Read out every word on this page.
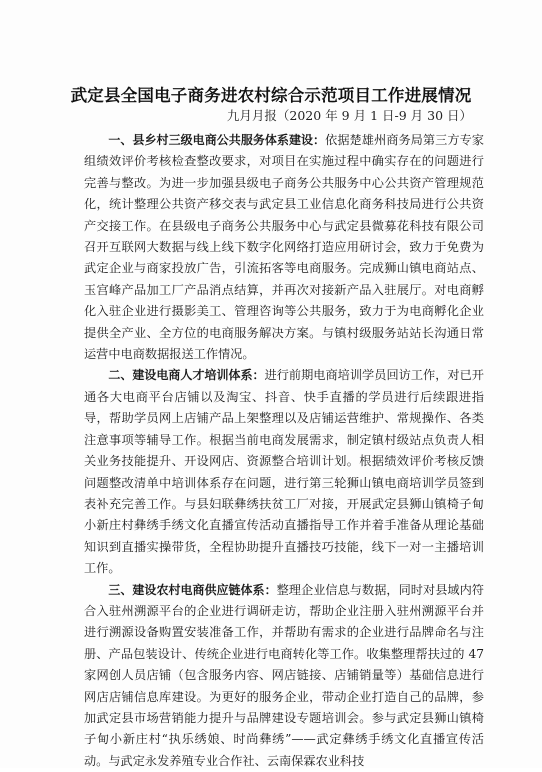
武定县全国电子商务进农村综合示范项目工作进展情况
九月月报（2020 年 9 月 1 日-9 月 30 日）

一、县乡村三级电商公共服务体系建设：依据楚雄州商务局第三方专家组绩效评价考核检查整改要求，对项目在实施过程中确实存在的问题进行完善与整改。为进一步加强县级电子商务公共服务中心公共资产管理规范化，统计整理公共资产移交表与武定县工业信息化商务科技局进行公共资产交接工作。在县级电子商务公共服务中心与武定县微募花科技有限公司召开互联网大数据与线上线下数字化网络打造应用研讨会，致力于免费为武定企业与商家投放广告，引流拓客等电商服务。完成狮山镇电商站点、玉宫峰产品加工厂产品消点结算，并再次对接新产品入驻展厅。对电商孵化入驻企业进行摄影美工、管理咨询等公共服务，致力于为电商孵化企业提供全产业、全方位的电商服务解决方案。与镇村级服务站站长沟通日常运营中电商数据报送工作情况。

二、建设电商人才培训体系：进行前期电商培训学员回访工作，对已开通各大电商平台店铺以及淘宝、抖音、快手直播的学员进行后续跟进指导，帮助学员网上店铺产品上架整理以及店铺运营维护、常规操作、各类注意事项等辅导工作。根据当前电商发展需求，制定镇村级站点负责人相关业务技能提升、开设网店、资源整合培训计划。根据绩效评价考核反馈问题整改清单中培训体系存在问题，进行第三轮狮山镇电商培训学员签到表补充完善工作。与县妇联彝绣扶贫工厂对接，开展武定县狮山镇椅子甸小新庄村彝绣手绣文化直播宣传活动直播指导工作并着手准备从理论基础知识到直播实操带货，全程协助提升直播技巧技能，线下一对一主播培训工作。

三、建设农村电商供应链体系：整理企业信息与数据，同时对县域内符合入驻州溯源平台的企业进行调研走访，帮助企业注册入驻州溯源平台并进行溯源设备购置安装准备工作，并帮助有需求的企业进行品牌命名与注册、产品包装设计、传统企业进行电商转化等工作。收集整理帮扶过的 47 家网创人员店铺（包含服务内容、网店链接、店铺销量等）基础信息进行网店店铺信息库建设。为更好的服务企业，带动企业打造自己的品牌，参加武定县市场营销能力提升与品牌建设专题培训会。参与武定县狮山镇椅子甸小新庄村“执乐绣娘、时尚彝绣”——武定彝绣手绣文化直播宣传活动。与武定永发养殖专业合作社、云南保霖农业科技
